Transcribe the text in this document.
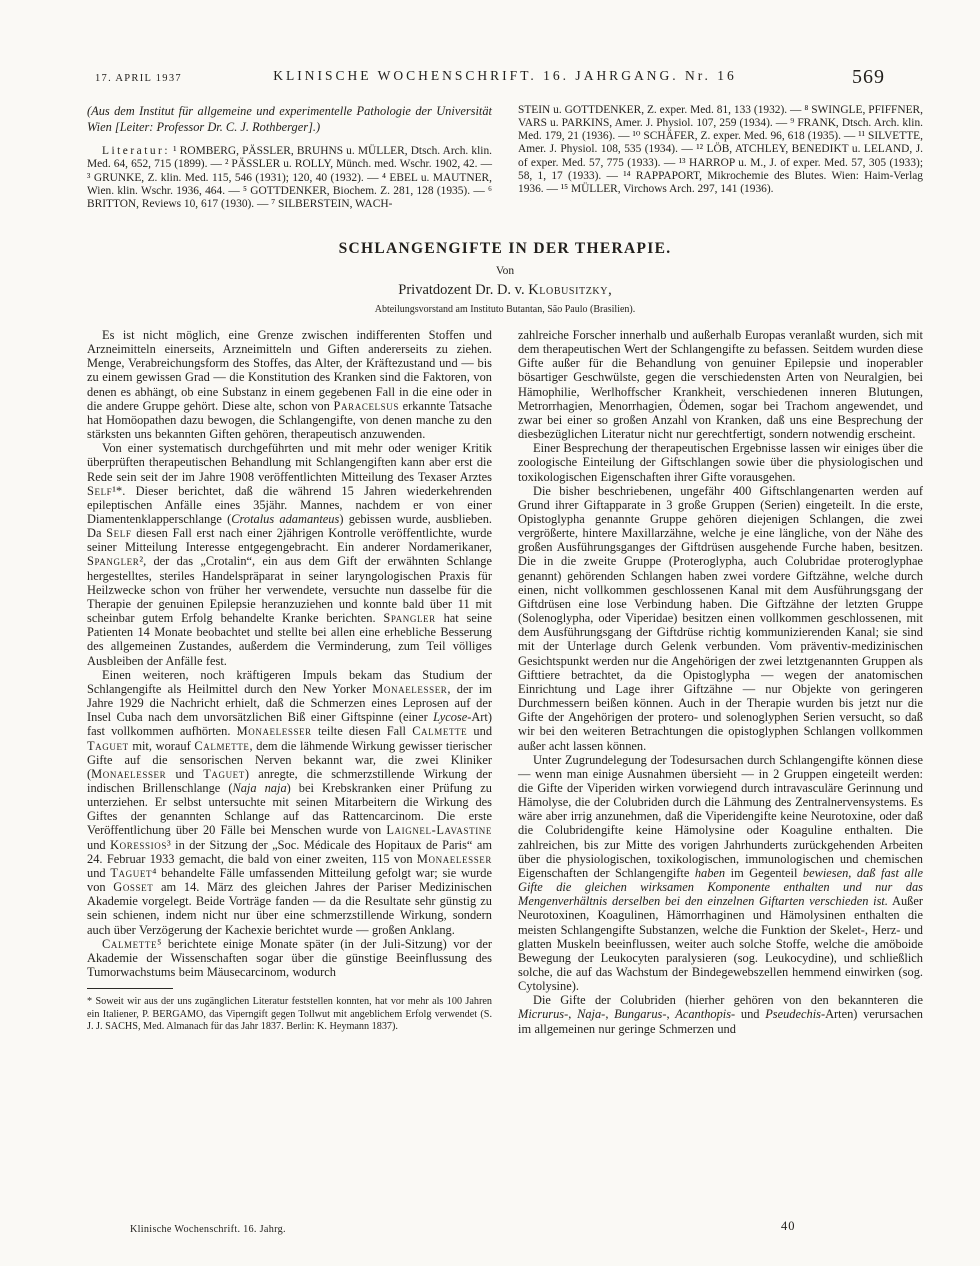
17. APRIL 1937	KLINISCHE WOCHENSCHRIFT. 16. JAHRGANG. Nr. 16	569

(Aus dem Institut für allgemeine und experimentelle Pathologie der Universität Wien [Leiter: Professor Dr. C. J. Rothberger].)

Literatur: ¹ ROMBERG, PÄSSLER, BRUHNS u. MÜLLER, Dtsch. Arch. klin. Med. 64, 652, 715 (1899). — ² PÄSSLER u. ROLLY, Münch. med. Wschr. 1902, 42. — ³ GRUNKE, Z. klin. Med. 115, 546 (1931); 120, 40 (1932). — ⁴ EBEL u. MAUTNER, Wien. klin. Wschr. 1936, 464. — ⁵ GOTTDENKER, Biochem. Z. 281, 128 (1935). — ⁶ BRITTON, Reviews 10, 617 (1930). — ⁷ SILBERSTEIN, WACH-

STEIN u. GOTTDENKER, Z. exper. Med. 81, 133 (1932). — ⁸ SWINGLE, PFIFFNER, VARS u. PARKINS, Amer. J. Physiol. 107, 259 (1934). — ⁹ FRANK, Dtsch. Arch. klin. Med. 179, 21 (1936). — ¹⁰ SCHÄFER, Z. exper. Med. 96, 618 (1935). — ¹¹ SILVETTE, Amer. J. Physiol. 108, 535 (1934). — ¹² LÖB, ATCHLEY, BENEDIKT u. LELAND, J. of exper. Med. 57, 775 (1933). — ¹³ HARROP u. M., J. of exper. Med. 57, 305 (1933); 58, 1, 17 (1933). — ¹⁴ RAPPAPORT, Mikrochemie des Blutes. Wien: Haim-Verlag 1936. — ¹⁵ MÜLLER, Virchows Arch. 297, 141 (1936).

SCHLANGENGIFTE IN DER THERAPIE.
Von
Privatdozent Dr. D. v. Klobusitzky,
Abteilungsvorstand am Instituto Butantan, São Paulo (Brasilien).

Es ist nicht möglich, eine Grenze zwischen indifferenten Stoffen und Arzneimitteln einerseits, Arzneimitteln und Giften andererseits zu ziehen. Menge, Verabreichungsform des Stoffes, das Alter, der Kräftezustand und — bis zu einem gewissen Grad — die Konstitution des Kranken sind die Faktoren, von denen es abhängt, ob eine Substanz in einem gegebenen Fall in die eine oder in die andere Gruppe gehört. Diese alte, schon von Paracelsus erkannte Tatsache hat Homöopathen dazu bewogen, die Schlangengifte, von denen manche zu den stärksten uns bekannten Giften gehören, therapeutisch anzuwenden.

Von einer systematisch durchgeführten und mit mehr oder weniger Kritik überprüften therapeutischen Behandlung mit Schlangengiften kann aber erst die Rede sein seit der im Jahre 1908 veröffentlichten Mitteilung des Texaser Arztes Self¹*. Dieser berichtet, daß die während 15 Jahren wiederkehrenden epileptischen Anfälle eines 35jähr. Mannes, nachdem er von einer Diamentenklapperschlange (Crotalus adamanteus) gebissen wurde, ausblieben. Da Self diesen Fall erst nach einer 2jährigen Kontrolle veröffentlichte, wurde seiner Mitteilung Interesse entgegengebracht. Ein anderer Nordamerikaner, Spangler², der das „Crotalin“, ein aus dem Gift der erwähnten Schlange hergestelltes, steriles Handelspräparat in seiner laryngologischen Praxis für Heilzwecke schon von früher her verwendete, versuchte nun dasselbe für die Therapie der genuinen Epilepsie heranzuziehen und konnte bald über 11 mit scheinbar gutem Erfolg behandelte Kranke berichten. Spangler hat seine Patienten 14 Monate beobachtet und stellte bei allen eine erhebliche Besserung des allgemeinen Zustandes, außerdem die Verminderung, zum Teil völliges Ausbleiben der Anfälle fest.

Einen weiteren, noch kräftigeren Impuls bekam das Studium der Schlangengifte als Heilmittel durch den New Yorker Monaelesser, der im Jahre 1929 die Nachricht erhielt, daß die Schmerzen eines Leprosen auf der Insel Cuba nach dem unvorsätzlichen Biß einer Giftspinne (einer Lycose-Art) fast vollkommen aufhörten. Monaelesser teilte diesen Fall Calmette und Taguet mit, worauf Calmette, dem die lähmende Wirkung gewisser tierischer Gifte auf die sensorischen Nerven bekannt war, die zwei Kliniker (Monaelesser und Taguet) anregte, die schmerzstillende Wirkung der indischen Brillenschlange (Naja naja) bei Krebskranken einer Prüfung zu unterziehen. Er selbst untersuchte mit seinen Mitarbeitern die Wirkung des Giftes der genannten Schlange auf das Rattencarcinom. Die erste Veröffentlichung über 20 Fälle bei Menschen wurde von Laignel-Lavastine und Koressios³ in der Sitzung der „Soc. Médicale des Hopitaux de Paris“ am 24. Februar 1933 gemacht, die bald von einer zweiten, 115 von Monaelesser und Taguet⁴ behandelte Fälle umfassenden Mitteilung gefolgt war; sie wurde von Gosset am 14. März des gleichen Jahres der Pariser Medizinischen Akademie vorgelegt. Beide Vorträge fanden — da die Resultate sehr günstig zu sein schienen, indem nicht nur über eine schmerzstillende Wirkung, sondern auch über Verzögerung der Kachexie berichtet wurde — großen Anklang.

Calmette⁵ berichtete einige Monate später (in der Juli-Sitzung) vor der Akademie der Wissenschaften sogar über die günstige Beeinflussung des Tumorwachstums beim Mäusecarcinom, wodurch

* Soweit wir aus der uns zugänglichen Literatur feststellen konnten, hat vor mehr als 100 Jahren ein Italiener, P. BERGAMO, das Viperngift gegen Tollwut mit angeblichem Erfolg verwendet (S. J. J. SACHS, Med. Almanach für das Jahr 1837. Berlin: K. Heymann 1837).

zahlreiche Forscher innerhalb und außerhalb Europas veranlaßt wurden, sich mit dem therapeutischen Wert der Schlangengifte zu befassen. Seitdem wurden diese Gifte außer für die Behandlung von genuiner Epilepsie und inoperabler bösartiger Geschwülste, gegen die verschiedensten Arten von Neuralgien, bei Hämophilie, Werlhoffscher Krankheit, verschiedenen inneren Blutungen, Metrorrhagien, Menorrhagien, Ödemen, sogar bei Trachom angewendet, und zwar bei einer so großen Anzahl von Kranken, daß uns eine Besprechung der diesbezüglichen Literatur nicht nur gerechtfertigt, sondern notwendig erscheint.

Einer Besprechung der therapeutischen Ergebnisse lassen wir einiges über die zoologische Einteilung der Giftschlangen sowie über die physiologischen und toxikologischen Eigenschaften ihrer Gifte vorausgehen.

Die bisher beschriebenen, ungefähr 400 Giftschlangenarten werden auf Grund ihrer Giftapparate in 3 große Gruppen (Serien) eingeteilt. In die erste, Opistoglypha genannte Gruppe gehören diejenigen Schlangen, die zwei vergrößerte, hintere Maxillarzähne, welche je eine längliche, von der Nähe des großen Ausführungsganges der Giftdrüsen ausgehende Furche haben, besitzen. Die in die zweite Gruppe (Proteroglypha, auch Colubridae proteroglyphae genannt) gehörenden Schlangen haben zwei vordere Giftzähne, welche durch einen, nicht vollkommen geschlossenen Kanal mit dem Ausführungsgang der Giftdrüsen eine lose Verbindung haben. Die Giftzähne der letzten Gruppe (Solenoglypha, oder Viperidae) besitzen einen vollkommen geschlossenen, mit dem Ausführungsgang der Giftdrüse richtig kommunizierenden Kanal; sie sind mit der Unterlage durch Gelenk verbunden. Vom präventiv-medizinischen Gesichtspunkt werden nur die Angehörigen der zwei letztgenannten Gruppen als Gifttiere betrachtet, da die Opistoglypha — wegen der anatomischen Einrichtung und Lage ihrer Giftzähne — nur Objekte von geringeren Durchmessern beißen können. Auch in der Therapie wurden bis jetzt nur die Gifte der Angehörigen der protero- und solenoglyphen Serien versucht, so daß wir bei den weiteren Betrachtungen die opistoglyphen Schlangen vollkommen außer acht lassen können.

Unter Zugrundelegung der Todesursachen durch Schlangengifte können diese — wenn man einige Ausnahmen übersieht — in 2 Gruppen eingeteilt werden: die Gifte der Viperiden wirken vorwiegend durch intravasculäre Gerinnung und Hämolyse, die der Colubriden durch die Lähmung des Zentralnervensystems. Es wäre aber irrig anzunehmen, daß die Viperidengifte keine Neurotoxine, oder daß die Colubridengifte keine Hämolysine oder Koaguline enthalten. Die zahlreichen, bis zur Mitte des vorigen Jahrhunderts zurückgehenden Arbeiten über die physiologischen, toxikologischen, immunologischen und chemischen Eigenschaften der Schlangengifte haben im Gegenteil bewiesen, daß fast alle Gifte die gleichen wirksamen Komponente enthalten und nur das Mengenverhältnis derselben bei den einzelnen Giftarten verschieden ist. Außer Neurotoxinen, Koagulinen, Hämorrhaginen und Hämolysinen enthalten die meisten Schlangengifte Substanzen, welche die Funktion der Skelet-, Herz- und glatten Muskeln beeinflussen, weiter auch solche Stoffe, welche die amöboide Bewegung der Leukocyten paralysieren (sog. Leukocydine), und schließlich solche, die auf das Wachstum der Bindegewebszellen hemmend einwirken (sog. Cytolysine).

Die Gifte der Colubriden (hierher gehören von den bekannteren die Micrurus-, Naja-, Bungarus-, Acanthopis- und Pseudechis-Arten) verursachen im allgemeinen nur geringe Schmerzen und

Klinische Wochenschrift. 16. Jahrg.	40
